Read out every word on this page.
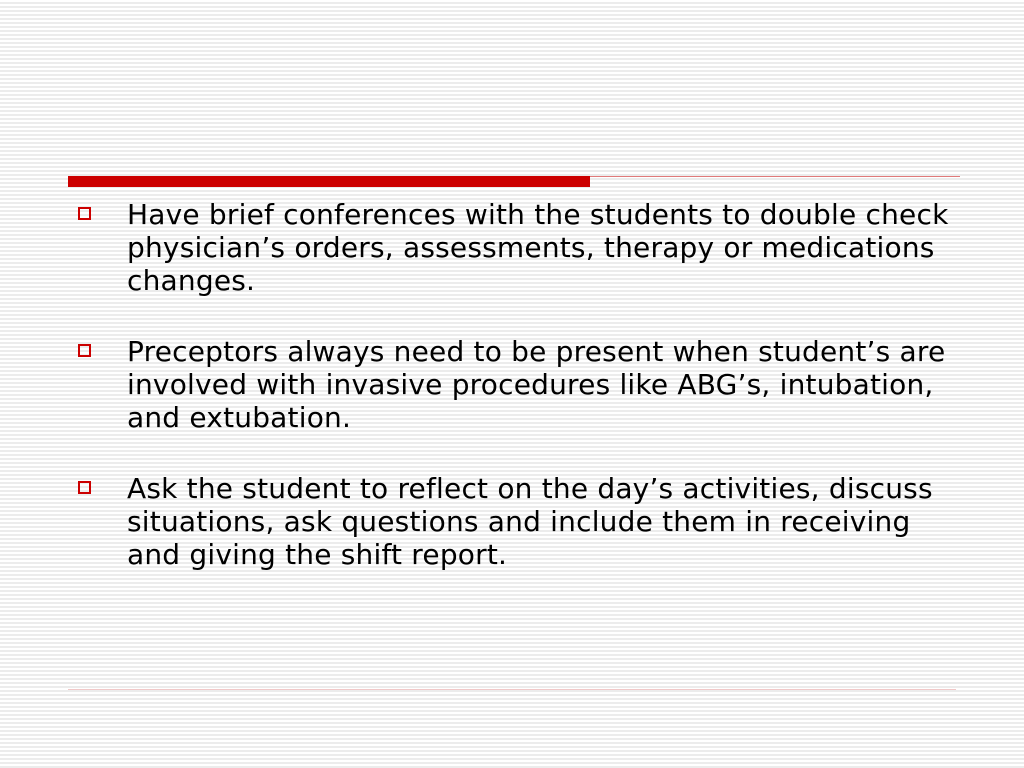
Have brief conferences with the students to double check physician’s orders, assessments, therapy or medications changes.
Preceptors always need to be present when student’s are involved with invasive procedures like ABG’s, intubation, and extubation.
Ask the student to reflect on the day’s activities, discuss situations, ask questions and include them in receiving and giving the shift report.
